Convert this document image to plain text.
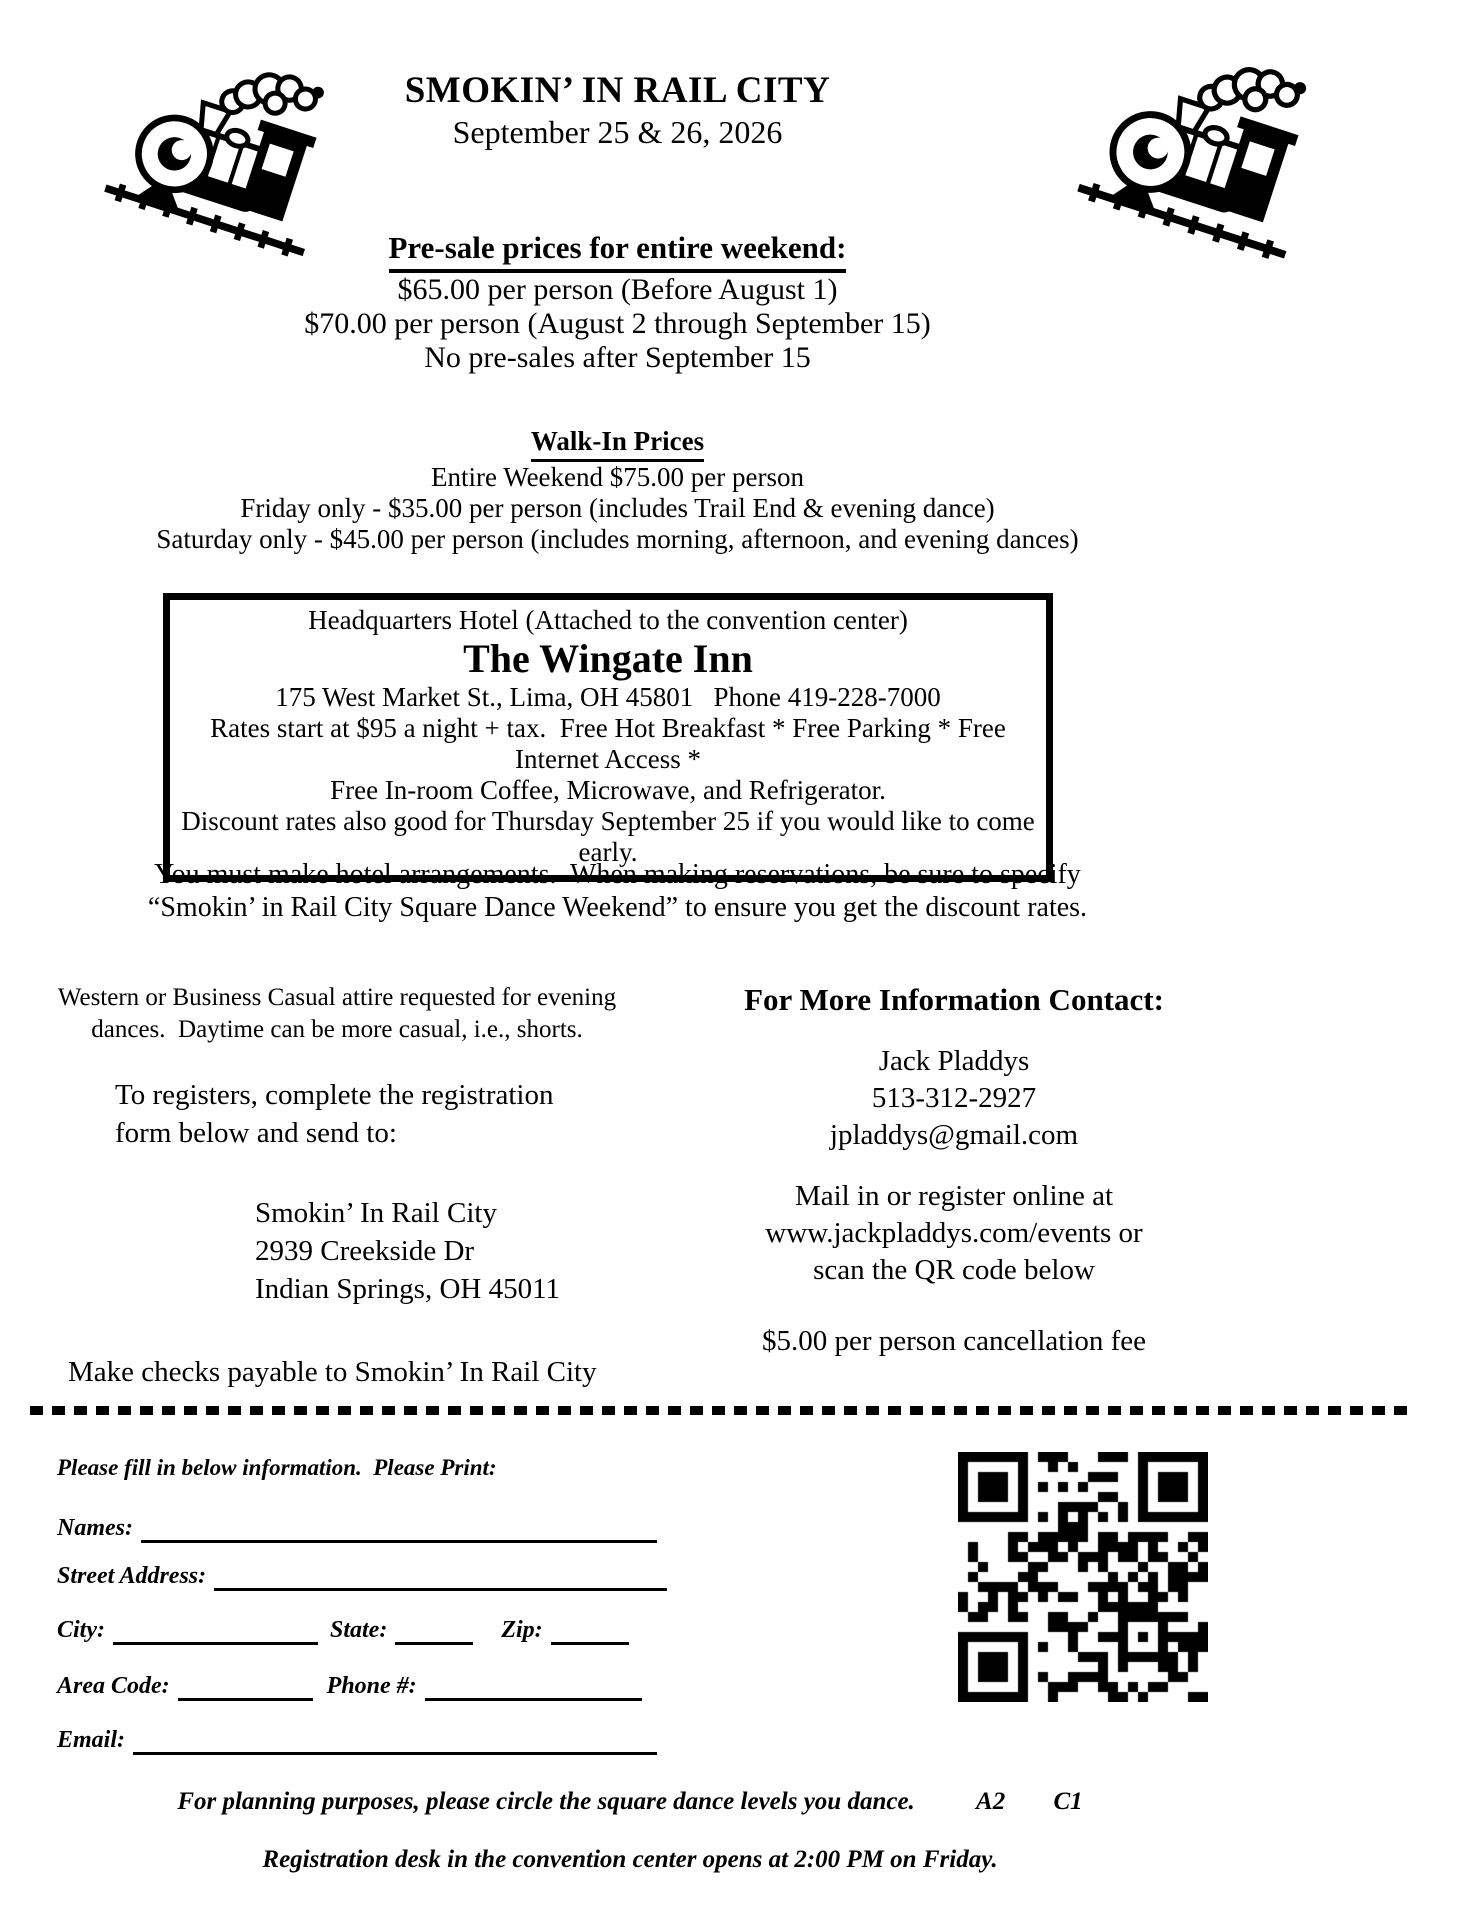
SMOKIN’ IN RAIL CITY
September 25 & 26, 2026
Pre-sale prices for entire weekend:
$65.00 per person (Before August 1)
$70.00 per person (August 2 through September 15)
No pre-sales after September 15
Walk-In Prices
Entire Weekend $75.00 per person
Friday only - $35.00 per person (includes Trail End & evening dance)
Saturday only - $45.00 per person (includes morning, afternoon, and evening dances)
Headquarters Hotel (Attached to the convention center)
The Wingate Inn
175 West Market St., Lima, OH 45801   Phone 419-228-7000
Rates start at $95 a night + tax.  Free Hot Breakfast * Free Parking * Free Internet Access *
Free In-room Coffee, Microwave, and Refrigerator.
Discount rates also good for Thursday September 25 if you would like to come early.
You must make hotel arrangements.  When making reservations, be sure to specify
“Smokin’ in Rail City Square Dance Weekend” to ensure you get the discount rates.
Western or Business Casual attire requested for evening
dances.  Daytime can be more casual, i.e., shorts.
To registers, complete the registration
form below and send to:
Smokin’ In Rail City
2939 Creekside Dr
Indian Springs, OH 45011
Make checks payable to Smokin’ In Rail City
For More Information Contact:
Jack Pladdys
513-312-2927
jpladdys@gmail.com
Mail in or register online at
www.jackpladdys.com/events or
scan the QR code below
$5.00 per person cancellation fee
Please fill in below information.  Please Print:
Names:
Street Address:
City:	State:	Zip:
Area Code:	Phone #:
Email:
For planning purposes, please circle the square dance levels you dance. A2 C1
Registration desk in the convention center opens at 2:00 PM on Friday.
